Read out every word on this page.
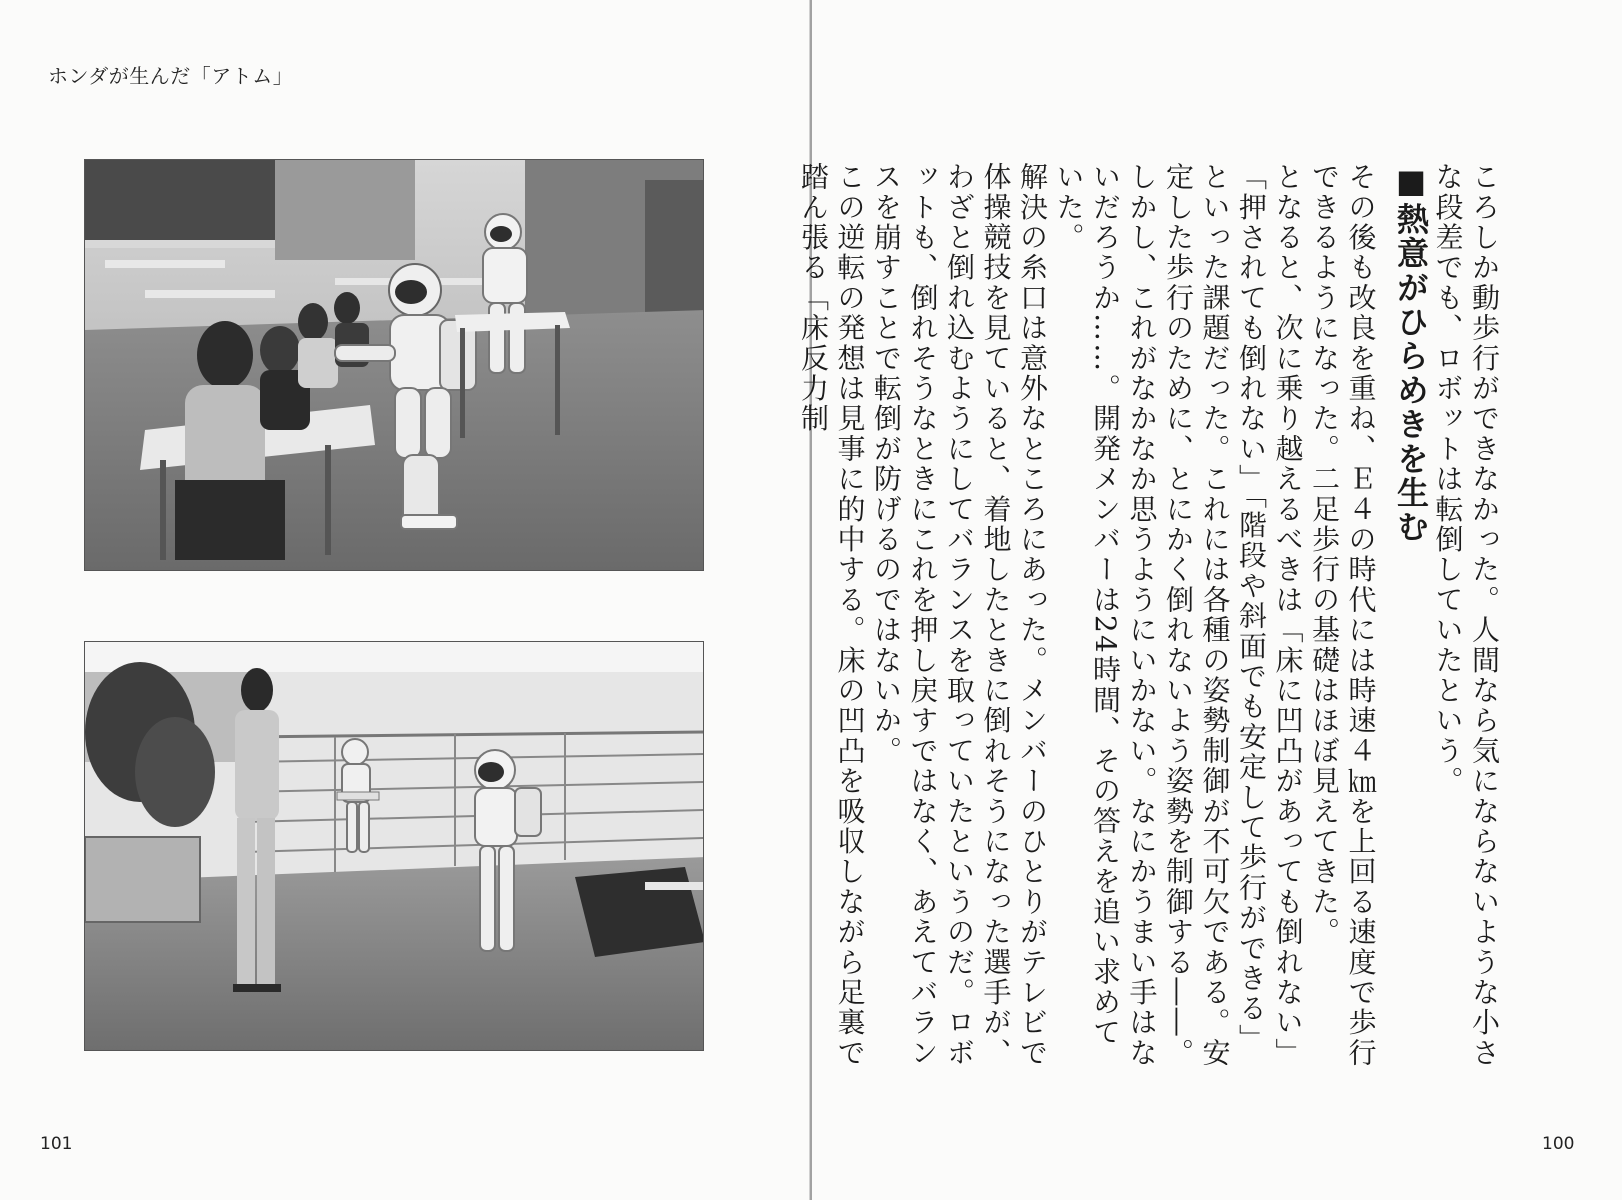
ホンダが生んだ「アトム」
101

ころしか動歩行ができなかった。人間なら気にならないような小さな段差でも、ロボットは転倒していたという。

■熱意がひらめきを生む

その後も改良を重ね、Ｅ４の時代には時速４㎞を上回る速度で歩行できるようになった。二足歩行の基礎はほぼ見えてきた。

となると、次に乗り越えるべきは「床に凹凸があっても倒れない」「押されても倒れない」「階段や斜面でも安定して歩行ができる」といった課題だった。これには各種の姿勢制御が不可欠である。安定した歩行のために、とにかく倒れないよう姿勢を制御する――。しかし、これがなかなか思うようにいかない。なにかうまい手はないだろうか……。開発メンバーは24時間、その答えを追い求めていた。

解決の糸口は意外なところにあった。メンバーのひとりがテレビで体操競技を見ていると、着地したときに倒れそうになった選手が、わざと倒れ込むようにしてバランスを取っていたというのだ。ロボットも、倒れそうなときにこれを押し戻すではなく、あえてバランスを崩すことで転倒が防げるのではないか。

この逆転の発想は見事に的中する。床の凹凸を吸収しながら足裏で踏ん張る「床反力制

100
